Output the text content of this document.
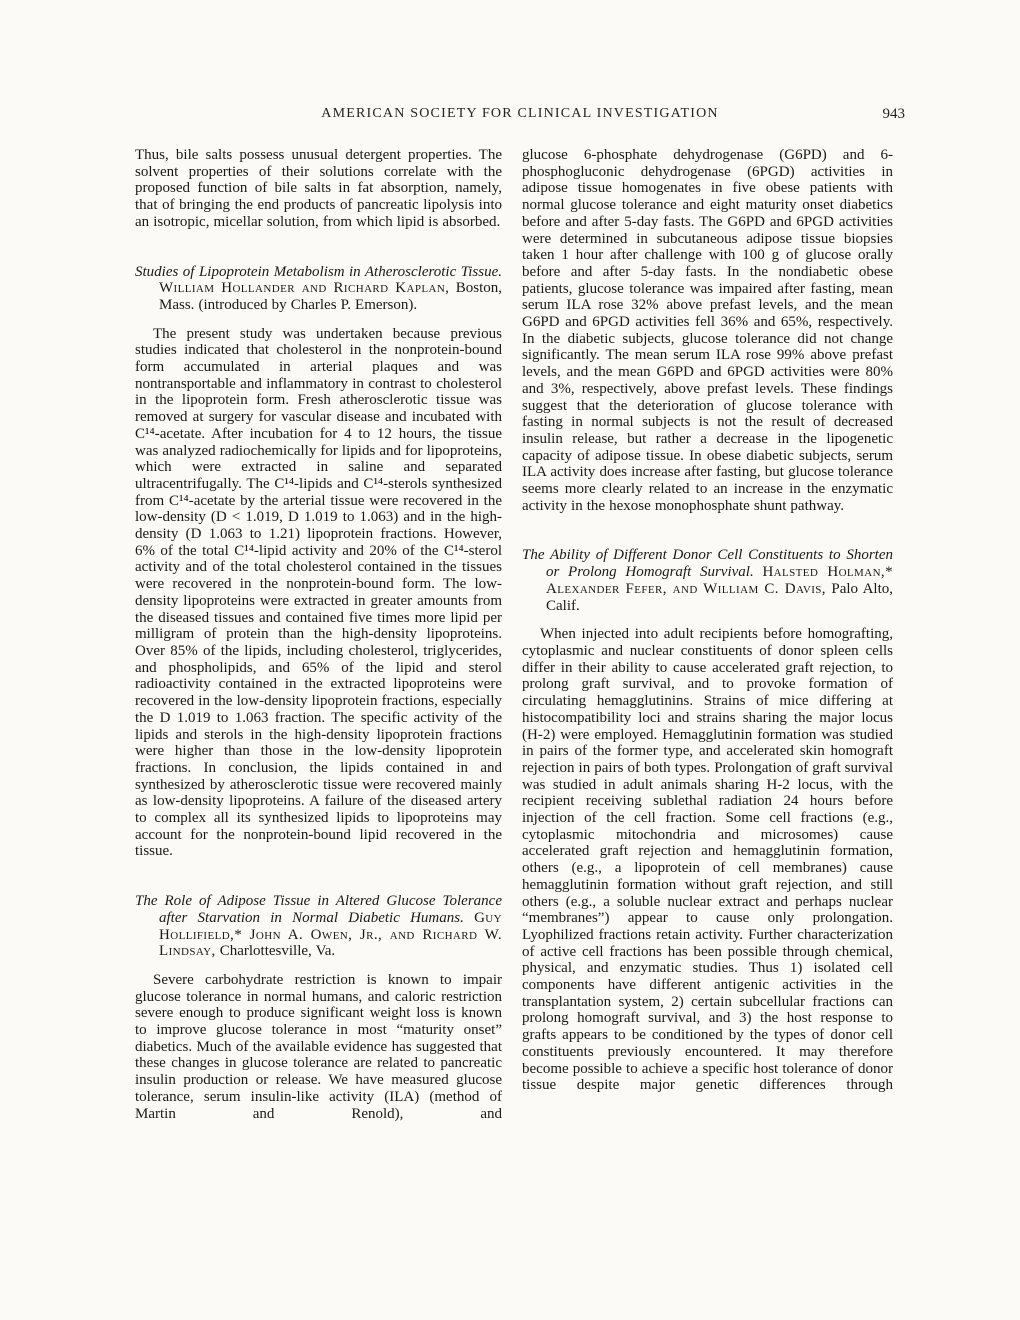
AMERICAN SOCIETY FOR CLINICAL INVESTIGATION	943

Thus, bile salts possess unusual detergent properties. The solvent properties of their solutions correlate with the proposed function of bile salts in fat absorption, namely, that of bringing the end products of pancreatic lipolysis into an isotropic, micellar solution, from which lipid is absorbed.

Studies of Lipoprotein Metabolism in Atherosclerotic Tissue. William Hollander and Richard Kaplan, Boston, Mass. (introduced by Charles P. Emerson).

The present study was undertaken because previous studies indicated that cholesterol in the nonprotein-bound form accumulated in arterial plaques and was nontransportable and inflammatory in contrast to cholesterol in the lipoprotein form. Fresh atherosclerotic tissue was removed at surgery for vascular disease and incubated with C¹⁴-acetate. After incubation for 4 to 12 hours, the tissue was analyzed radiochemically for lipids and for lipoproteins, which were extracted in saline and separated ultracentrifugally. The C¹⁴-lipids and C¹⁴-sterols synthesized from C¹⁴-acetate by the arterial tissue were recovered in the low-density (D < 1.019, D 1.019 to 1.063) and in the high-density (D 1.063 to 1.21) lipoprotein fractions. However, 6% of the total C¹⁴-lipid activity and 20% of the C¹⁴-sterol activity and of the total cholesterol contained in the tissues were recovered in the nonprotein-bound form. The low-density lipoproteins were extracted in greater amounts from the diseased tissues and contained five times more lipid per milligram of protein than the high-density lipoproteins. Over 85% of the lipids, including cholesterol, triglycerides, and phospholipids, and 65% of the lipid and sterol radioactivity contained in the extracted lipoproteins were recovered in the low-density lipoprotein fractions, especially the D 1.019 to 1.063 fraction. The specific activity of the lipids and sterols in the high-density lipoprotein fractions were higher than those in the low-density lipoprotein fractions. In conclusion, the lipids contained in and synthesized by atherosclerotic tissue were recovered mainly as low-density lipoproteins. A failure of the diseased artery to complex all its synthesized lipids to lipoproteins may account for the nonprotein-bound lipid recovered in the tissue.

The Role of Adipose Tissue in Altered Glucose Tolerance after Starvation in Normal Diabetic Humans. Guy Hollifield,* John A. Owen, Jr., and Richard W. Lindsay, Charlottesville, Va.

Severe carbohydrate restriction is known to impair glucose tolerance in normal humans, and caloric restriction severe enough to produce significant weight loss is known to improve glucose tolerance in most “maturity onset” diabetics. Much of the available evidence has suggested that these changes in glucose tolerance are related to pancreatic insulin production or release. We have measured glucose tolerance, serum insulin-like activity (ILA) (method of Martin and Renold), and

glucose 6-phosphate dehydrogenase (G6PD) and 6-phosphogluconic dehydrogenase (6PGD) activities in adipose tissue homogenates in five obese patients with normal glucose tolerance and eight maturity onset diabetics before and after 5-day fasts. The G6PD and 6PGD activities were determined in subcutaneous adipose tissue biopsies taken 1 hour after challenge with 100 g of glucose orally before and after 5-day fasts. In the nondiabetic obese patients, glucose tolerance was impaired after fasting, mean serum ILA rose 32% above prefast levels, and the mean G6PD and 6PGD activities fell 36% and 65%, respectively. In the diabetic subjects, glucose tolerance did not change significantly. The mean serum ILA rose 99% above prefast levels, and the mean G6PD and 6PGD activities were 80% and 3%, respectively, above prefast levels. These findings suggest that the deterioration of glucose tolerance with fasting in normal subjects is not the result of decreased insulin release, but rather a decrease in the lipogenetic capacity of adipose tissue. In obese diabetic subjects, serum ILA activity does increase after fasting, but glucose tolerance seems more clearly related to an increase in the enzymatic activity in the hexose monophosphate shunt pathway.

The Ability of Different Donor Cell Constituents to Shorten or Prolong Homograft Survival. Halsted Holman,* Alexander Fefer, and William C. Davis, Palo Alto, Calif.

When injected into adult recipients before homografting, cytoplasmic and nuclear constituents of donor spleen cells differ in their ability to cause accelerated graft rejection, to prolong graft survival, and to provoke formation of circulating hemagglutinins. Strains of mice differing at histocompatibility loci and strains sharing the major locus (H-2) were employed. Hemagglutinin formation was studied in pairs of the former type, and accelerated skin homograft rejection in pairs of both types. Prolongation of graft survival was studied in adult animals sharing H-2 locus, with the recipient receiving sublethal radiation 24 hours before injection of the cell fraction. Some cell fractions (e.g., cytoplasmic mitochondria and microsomes) cause accelerated graft rejection and hemagglutinin formation, others (e.g., a lipoprotein of cell membranes) cause hemagglutinin formation without graft rejection, and still others (e.g., a soluble nuclear extract and perhaps nuclear “membranes”) appear to cause only prolongation. Lyophilized fractions retain activity. Further characterization of active cell fractions has been possible through chemical, physical, and enzymatic studies. Thus 1) isolated cell components have different antigenic activities in the transplantation system, 2) certain subcellular fractions can prolong homograft survival, and 3) the host response to grafts appears to be conditioned by the types of donor cell constituents previously encountered. It may therefore become possible to achieve a specific host tolerance of donor tissue despite major genetic differences through
